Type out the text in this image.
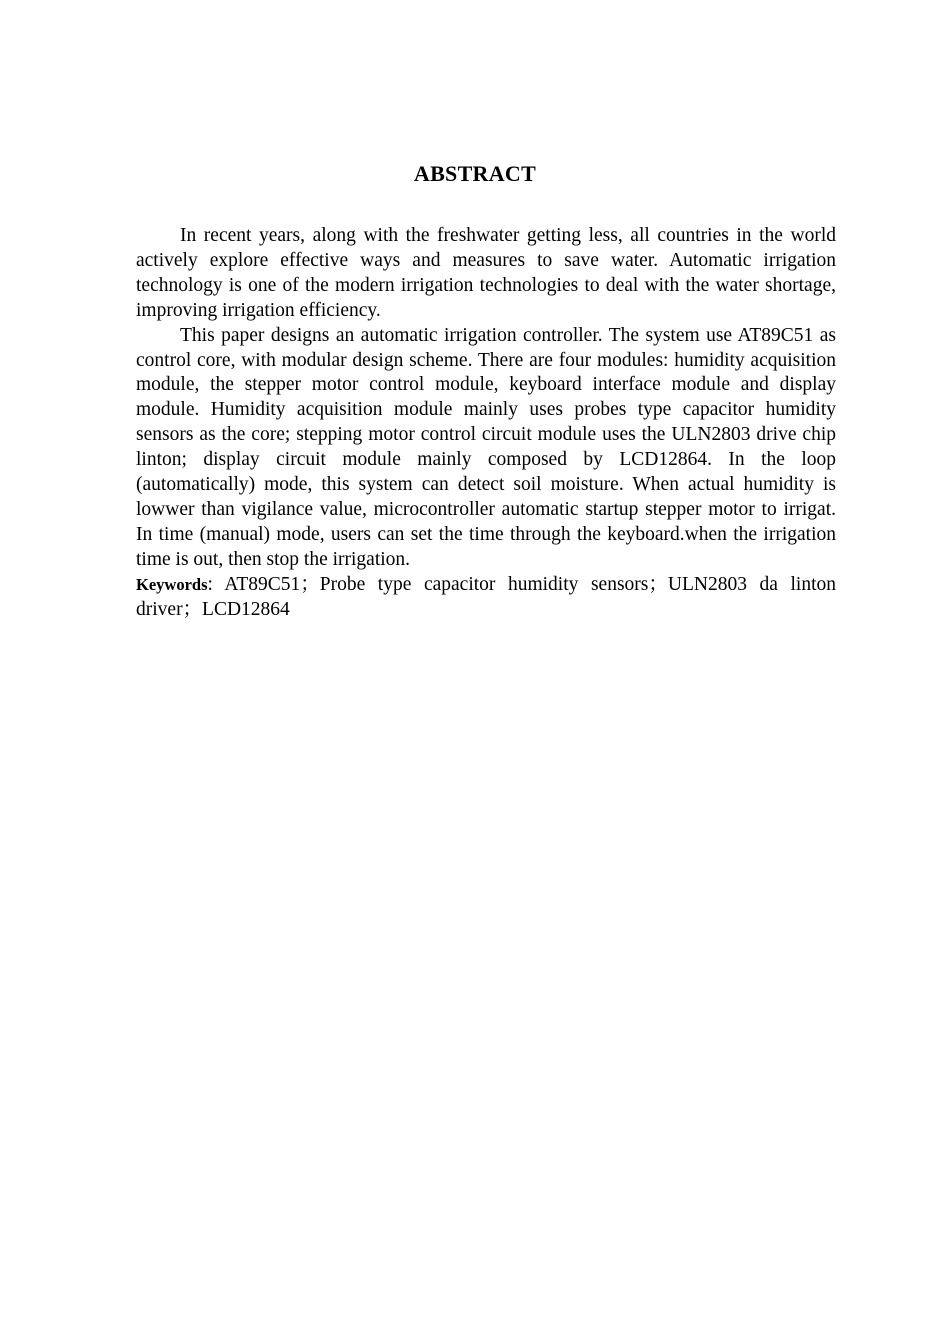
ABSTRACT

In recent years, along with the freshwater getting less, all countries in the world actively explore effective ways and measures to save water. Automatic irrigation technology is one of the modern irrigation technologies to deal with the water shortage, improving irrigation efficiency.

This paper designs an automatic irrigation controller. The system use AT89C51 as control core, with modular design scheme. There are four modules: humidity acquisition module, the stepper motor control module, keyboard interface module and display module. Humidity acquisition module mainly uses probes type capacitor humidity sensors as the core; stepping motor control circuit module uses the ULN2803 drive chip linton; display circuit module mainly composed by LCD12864. In the loop (automatically) mode, this system can detect soil moisture. When actual humidity is lowwer than vigilance value, microcontroller automatic startup stepper motor to irrigat. In time (manual) mode, users can set the time through the keyboard.when the irrigation time is out, then stop the irrigation.

Keywords: AT89C51；Probe type capacitor humidity sensors；ULN2803 da linton driver；LCD12864
